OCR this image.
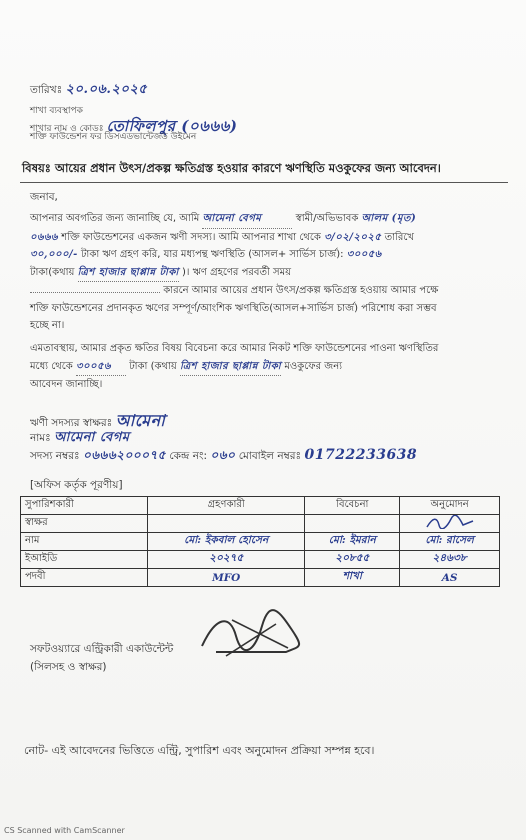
তারিখঃ ২০.০৬.২০২৫
শাখা ব্যবস্থাপক
শাখার নাম ও কোডঃ তোফিলপুর (০৬৬৬)
শক্তি ফাউন্ডেশন ফর ডিসএডভান্টেজড উইমেন
বিষয়ঃ আয়ের প্রধান উৎস/প্রকল্প ক্ষতিগ্রস্ত হওয়ার কারণে ঋণস্থিতি মওকুফের জন্য আবেদন।
জনাব,
আপনার অবগতির জন্য জানাচ্ছি যে, আমি আমেনা বেগম	স্বামী/অভিভাবক আলম (মৃত)
০৬৬৬ শক্তি ফাউন্ডেশনের একজন ঋণী সদস্য। আমি আপনার শাখা থেকে ৩/০২/২০২৫ তারিখে
৩০,০০০/- টাকা ঋণ গ্রহণ করি, যার মধ্যপন্থ ঋণস্থিতি (আসল+ সার্ভিস চার্জ): ৩০০৫৬
টাকা(কথায় ত্রিশ হাজার ছাপ্পান্ন টাকা )। ঋণ গ্রহণের পরবর্তী সময়
কারনে আমার আয়ের প্রধান উৎস/প্রকল্প ক্ষতিগ্রস্ত হওয়ায় আমার পক্ষে
শক্তি ফাউন্ডেশনের প্রদানকৃত ঋণের সম্পূর্ণ/আংশিক ঋণস্থিতি(আসল+সার্ভিস চার্জ) পরিশোধ করা সম্ভব
হচ্ছে না।
এমতাবস্থায়, আমার প্রকৃত ক্ষতির বিষয় বিবেচনা করে আমার নিকট শক্তি ফাউন্ডেশনের পাওনা ঋণস্থিতির
মধ্যে থেকে ৩০০৫৬ টাকা (কথায় ত্রিশ হাজার ছাপ্পান্ন টাকা মওকুফের জন্য
আবেদন জানাচ্ছি।
ঋণী সদস্যর স্বাক্ষরঃ আমেনা
নামঃ আমেনা বেগম
সদস্য নম্বরঃ ০৬৬৬২০০০৭৫ কেন্দ্র নং: ০৬০ মোবাইল নম্বরঃ 01722233638
[অফিস কর্তৃক পূরণীয়]
সুপারিশকারী	গ্রহণকারী	বিবেচনা	অনুমোদন
স্বাক্ষর			
নাম	মো: ইকবাল হোসেন	মো: ইমরান	মো: রাসেল
ইআইডি	২০২৭৫	২০৮৫৫	২৪৬৩৮
পদবী	MFO	শাখা	AS
সফটওয়্যারে এন্ট্রিকারী একাউন্টেন্ট
(সিলসহ ও স্বাক্ষর)
নোট- এই আবেদনের ভিত্তিতে এন্ট্রি, সুপারিশ এবং অনুমোদন প্রক্রিয়া সম্পন্ন হবে।
CS Scanned with CamScanner
